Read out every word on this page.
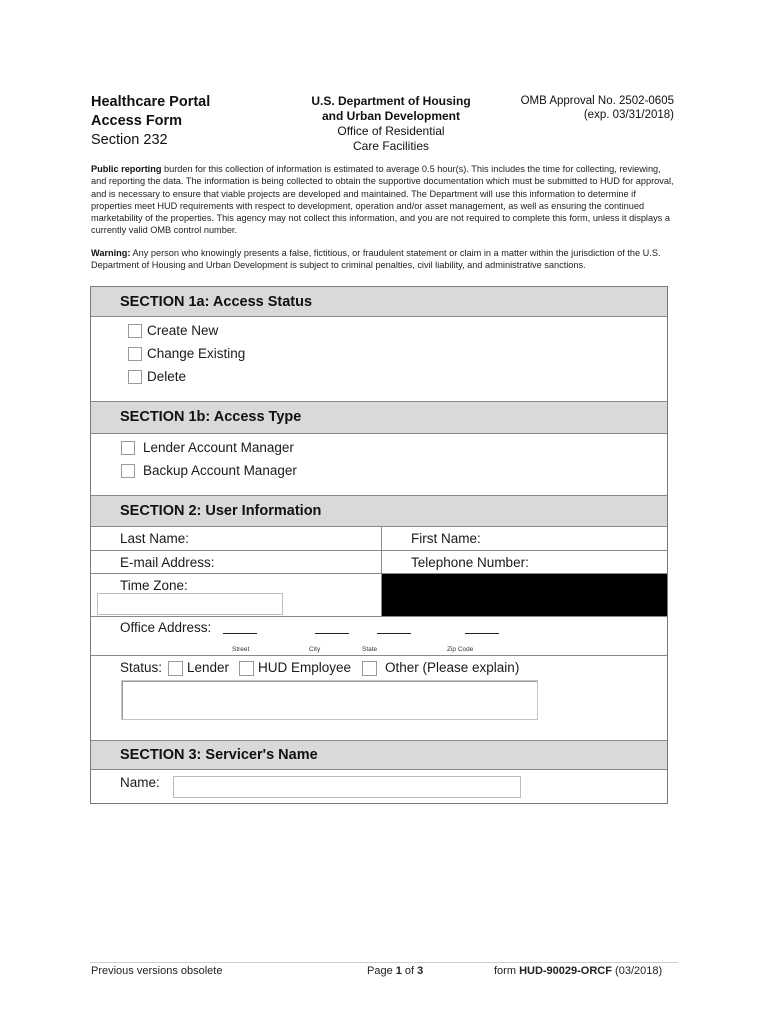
Healthcare Portal
Access Form
Section 232
U.S. Department of Housing
and Urban Development
Office of Residential
Care Facilities
OMB Approval No. 2502-0605
(exp. 03/31/2018)
Public reporting burden for this collection of information is estimated to average 0.5 hour(s). This includes the time for collecting, reviewing, and reporting the data. The information is being collected to obtain the supportive documentation which must be submitted to HUD for approval, and is necessary to ensure that viable projects are developed and maintained. The Department will use this information to determine if properties meet HUD requirements with respect to development, operation and/or asset management, as well as ensuring the continued marketability of the properties. This agency may not collect this information, and you are not required to complete this form, unless it displays a currently valid OMB control number.
Warning: Any person who knowingly presents a false, fictitious, or fraudulent statement or claim in a matter within the jurisdiction of the U.S. Department of Housing and Urban Development is subject to criminal penalties, civil liability, and administrative sanctions.
SECTION 1a: Access Status
Create New
Change Existing
Delete
SECTION 1b: Access Type
Lender Account Manager
Backup Account Manager
SECTION 2: User Information
Last Name:	First Name:
E-mail Address:	Telephone Number:
Time Zone:
Office Address:
Street	City	State	Zip Code
Status: Lender HUD Employee	Other (Please explain)
SECTION 3: Servicer's Name
Name:
Previous versions obsolete	Page 1 of 3	form HUD-90029-ORCF (03/2018)
